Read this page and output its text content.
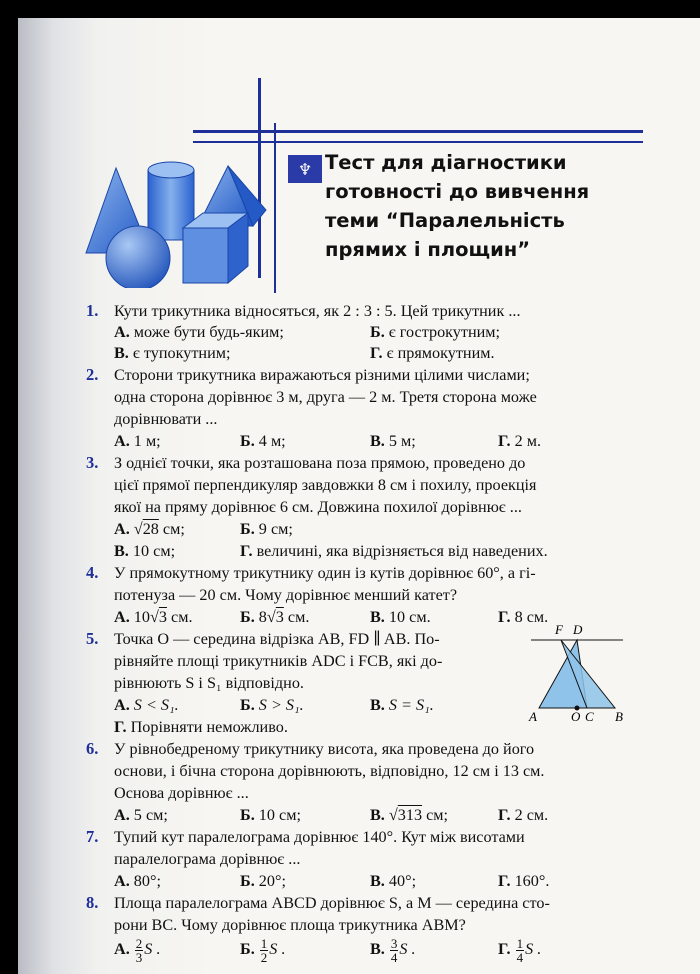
♆ Тест для діагностики
готовності до вивчення
теми “Паралельність
прямих і площин”
1. Кути трикутника відносяться, як 2 : 3 : 5. Цей трикутник ...
А. може бути будь-яким;	Б. є гострокутним;
В. є тупокутним;	Г. є прямокутним.
2. Сторони трикутника виражаються різними цілими числами;
одна сторона дорівнює 3 м, друга — 2 м. Третя сторона може
дорівнювати ...
А. 1 м;	Б. 4 м;	В. 5 м;	Г. 2 м.
3. З однієї точки, яка розташована поза прямою, проведено до
цієї прямої перпендикуляр завдовжки 8 см і похилу, проекція
якої на пряму дорівнює 6 см. Довжина похилої дорівнює ...
А. √28 см;	Б. 9 см;
В. 10 см;	Г. величині, яка відрізняється від наведених.
4. У прямокутному трикутнику один із кутів дорівнює 60°, а гі-
потенуза — 20 см. Чому дорівнює менший катет?
А. 10√3 см.	Б. 8√3 см.	В. 10 см.	Г. 8 см.
5. Точка O — середина відрізка AB, FD ∥ AB. По-
рівняйте площі трикутників ADC і FCB, які до-
рівнюють S і S₁ відповідно.
А. S < S₁.	Б. S > S₁.	В. S = S₁.
Г. Порівняти неможливо.
F D
A	O C B
6. У рівнобедреному трикутнику висота, яка проведена до його
основи, і бічна сторона дорівнюють, відповідно, 12 см і 13 см.
Основа дорівнює ...
А. 5 см;	Б. 10 см;	В. √313 см;	Г. 2 см.
7. Тупий кут паралелограма дорівнює 140°. Кут між висотами
паралелограма дорівнює ...
А. 80°;	Б. 20°;	В. 40°;	Г. 160°.
8. Площа паралелограма ABCD дорівнює S, а M — середина сто-
рони BC. Чому дорівнює площа трикутника ABM?
А. $\frac{2}{3}$ S .	Б. $\frac{1}{2}$ S .	В. $\frac{3}{4}$ S .	Г. $\frac{1}{4}$ S .
